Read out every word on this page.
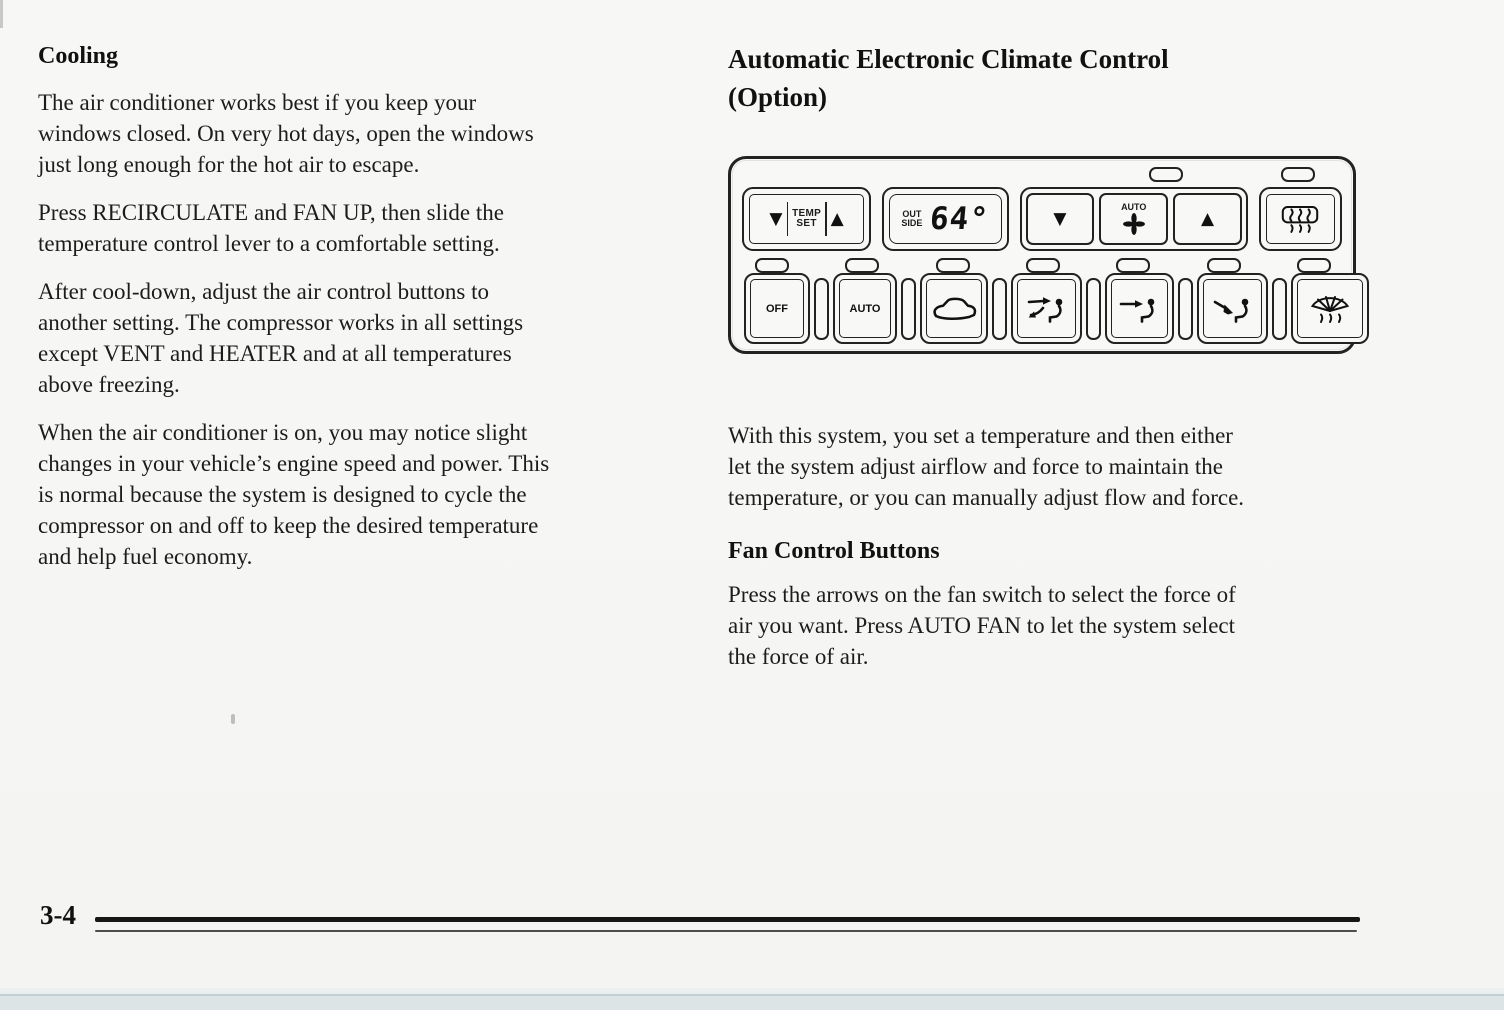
Cooling

The air conditioner works best if you keep your
windows closed. On very hot days, open the windows
just long enough for the hot air to escape.

Press RECIRCULATE and FAN UP, then slide the
temperature control lever to a comfortable setting.

After cool-down, adjust the air control buttons to
another setting. The compressor works in all settings
except VENT and HEATER and at all temperatures
above freezing.

When the air conditioner is on, you may notice slight
changes in your vehicle’s engine speed and power. This
is normal because the system is designed to cycle the
compressor on and off to keep the desired temperature
and help fuel economy.

Automatic Electronic Climate Control
(Option)
▼ TEMP
SET ▲	OUT
SIDE 64°	▼
AUTO
▲
OFF	AUTO

With this system, you set a temperature and then either
let the system adjust airflow and force to maintain the
temperature, or you can manually adjust flow and force.

Fan Control Buttons

Press the arrows on the fan switch to select the force of
air you want. Press AUTO FAN to let the system select
the force of air.

3-4
